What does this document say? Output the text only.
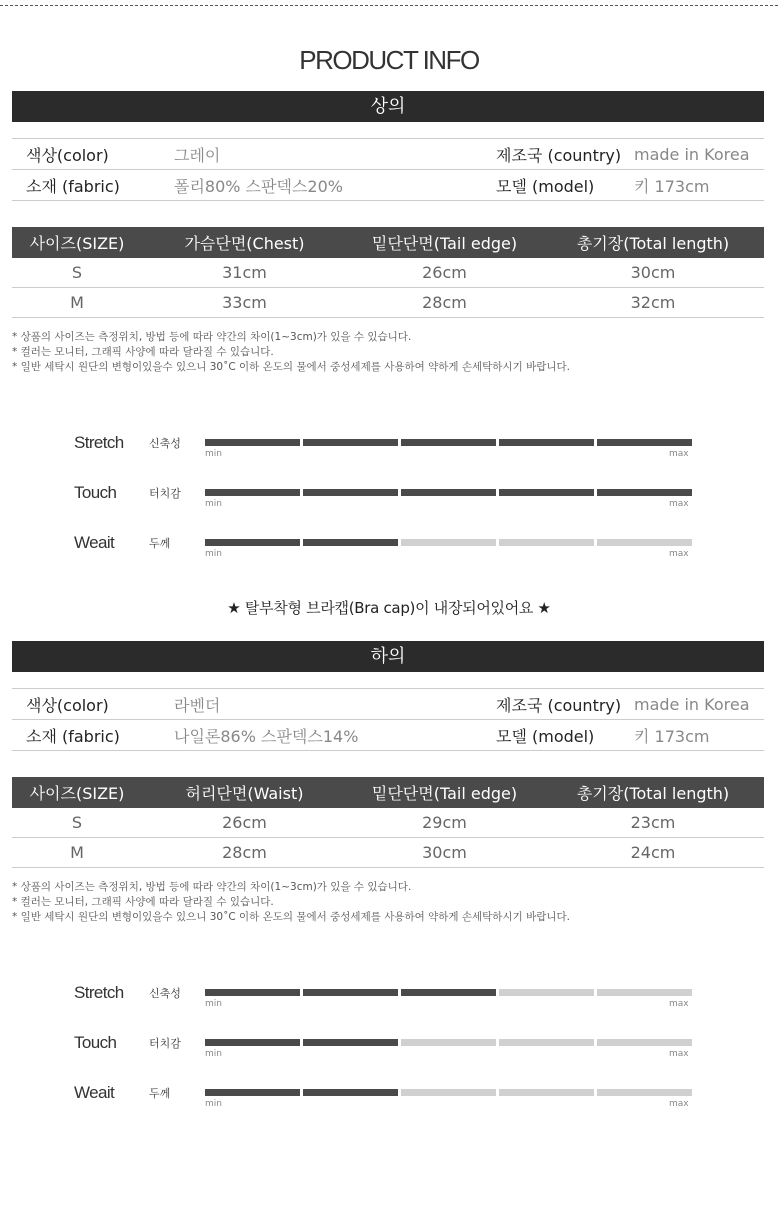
PRODUCT INFO
상의
색상(color)	그레이	제조국 (country)	made in Korea
소재 (fabric)	폴리80% 스판덱스20%	모델 (model)	키 173cm
사이즈(SIZE)	가슴단면(Chest)	밑단단면(Tail edge)	총기장(Total length)
S	31cm	26cm	30cm
M	33cm	28cm	32cm
* 상품의 사이즈는 측정위치, 방법 등에 따라 약간의 차이(1~3cm)가 있을 수 있습니다.
* 컬러는 모니터, 그래픽 사양에 따라 달라질 수 있습니다.
* 일반 세탁시 원단의 변형이있을수 있으니 30˚C 이하 온도의 물에서 중성세제를 사용하여 약하게 손세탁하시기 바랍니다.
Stretch 신축성
min	max
Touch	터치감
min	max
Weait	두께
min	max
★ 탈부착형 브라캡(Bra cap)이 내장되어있어요 ★
하의
색상(color)	라벤더	제조국 (country)	made in Korea
소재 (fabric)	나일론86% 스판덱스14%	모델 (model)	키 173cm
사이즈(SIZE)	허리단면(Waist)	밑단단면(Tail edge)	총기장(Total length)
S	26cm	29cm	23cm
M	28cm	30cm	24cm
* 상품의 사이즈는 측정위치, 방법 등에 따라 약간의 차이(1~3cm)가 있을 수 있습니다.
* 컬러는 모니터, 그래픽 사양에 따라 달라질 수 있습니다.
* 일반 세탁시 원단의 변형이있을수 있으니 30˚C 이하 온도의 물에서 중성세제를 사용하여 약하게 손세탁하시기 바랍니다.
Stretch 신축성
min	max
Touch	터치감
min	max
Weait	두께
min	max
